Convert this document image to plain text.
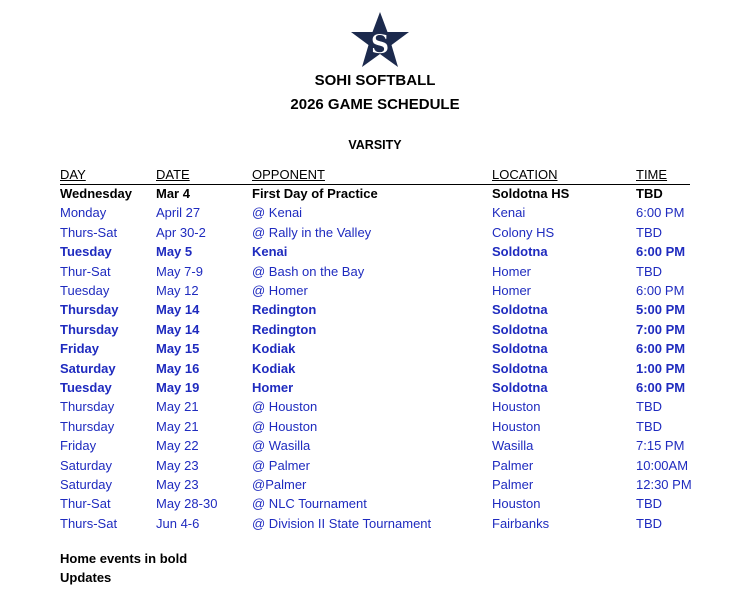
S
SOHI SOFTBALL
2026 GAME SCHEDULE
VARSITY
DAY	DATE	OPPONENT	LOCATION	TIME
Wednesday Mar 4	First Day of Practice	Soldotna HS	TBD
Monday	April 27	@ Kenai	Kenai	6:00 PM
Thurs-Sat	Apr 30-2	@ Rally in the Valley	Colony HS	TBD
Tuesday	May 5	Kenai	Soldotna	6:00 PM
Thur-Sat	May 7-9	@ Bash on the Bay	Homer	TBD
Tuesday	May 12	@ Homer	Homer	6:00 PM
Thursday	May 14	Redington	Soldotna	5:00 PM
Thursday	May 14	Redington	Soldotna	7:00 PM
Friday	May 15	Kodiak	Soldotna	6:00 PM
Saturday	May 16	Kodiak	Soldotna	1:00 PM
Tuesday	May 19	Homer	Soldotna	6:00 PM
Thursday	May 21	@ Houston	Houston	TBD
Thursday	May 21	@ Houston	Houston	TBD
Friday	May 22	@ Wasilla	Wasilla	7:15 PM
Saturday	May 23	@ Palmer	Palmer	10:00AM
Saturday	May 23	@Palmer	Palmer	12:30 PM
Thur-Sat	May 28-30	@ NLC Tournament	Houston	TBD
Thurs-Sat	Jun 4-6	@ Division II State Tournament	Fairbanks	TBD
Home events in bold
Updates
